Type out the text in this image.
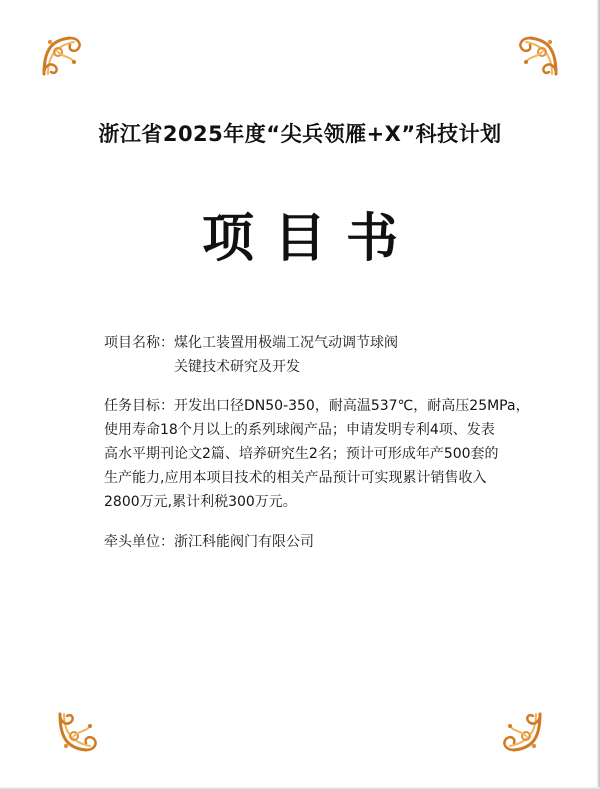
浙江省2025年度“尖兵领雁+X”科技计划
项目书
项目名称： 煤化工装置用极端工况气动调节球阀
关键技术研究及开发
任务目标： 开发出口径DN50-350，耐高温537℃，耐高压25MPa，
使用寿命18个月以上的系列球阀产品；申请发明专利4项、发表
高水平期刊论文2篇、培养研究生2名；预计可形成年产500套的
生产能力,应用本项目技术的相关产品预计可实现累计销售收入
2800万元,累计利税300万元。
牵头单位： 浙江科能阀门有限公司
